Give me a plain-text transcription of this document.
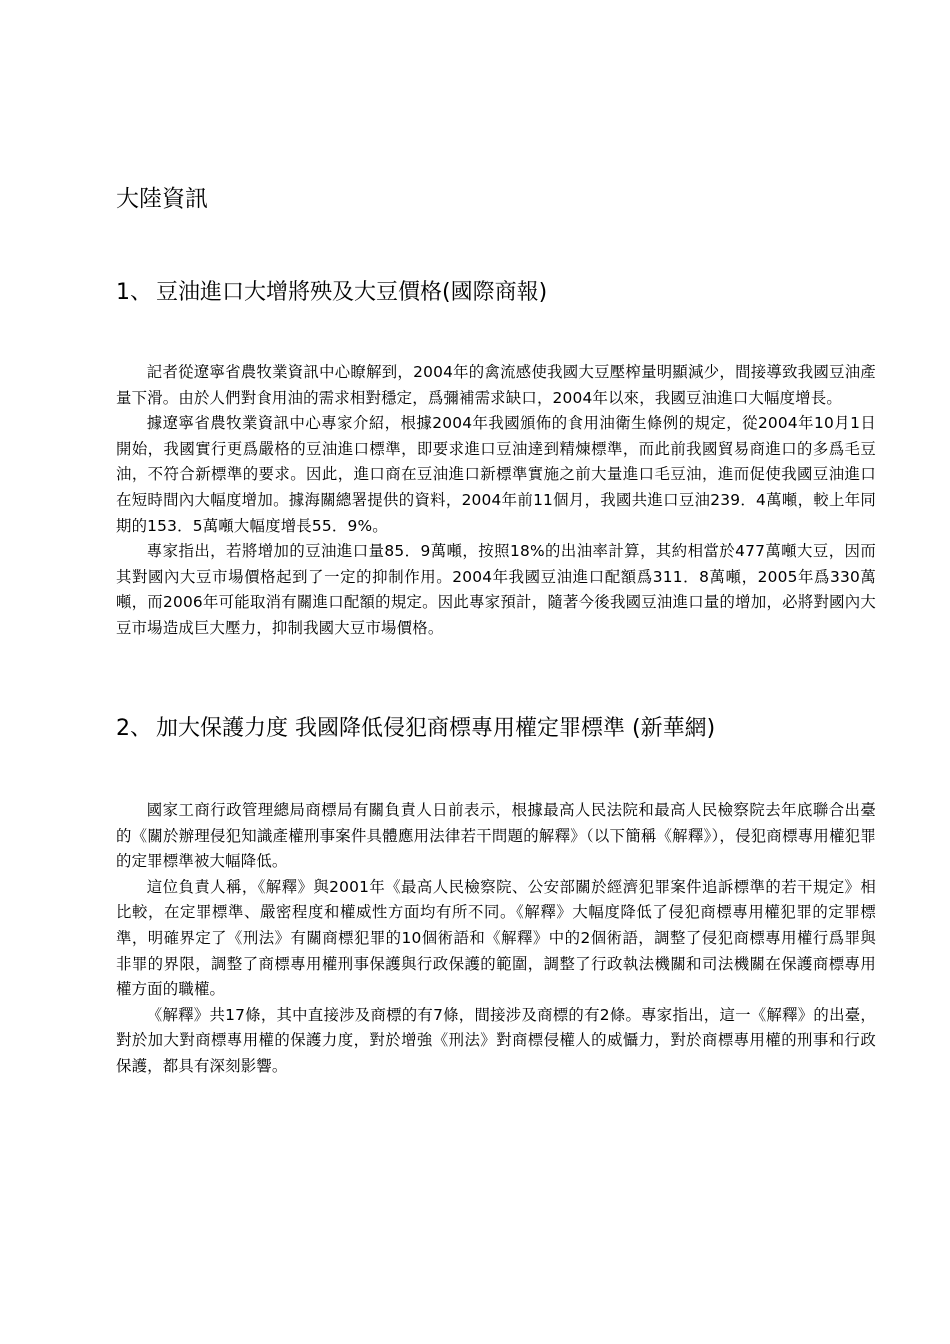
大陸資訊
1、 豆油進口大增將殃及大豆價格(國際商報)

記者從遼寧省農牧業資訊中心瞭解到，2004年的禽流感使我國大豆壓榨量明顯減少，間接導致我國豆油產量下滑。由於人們對食用油的需求相對穩定，爲彌補需求缺口，2004年以來，我國豆油進口大幅度增長。

據遼寧省農牧業資訊中心專家介紹，根據2004年我國頒佈的食用油衛生條例的規定，從2004年10月1日開始，我國實行更爲嚴格的豆油進口標準，即要求進口豆油達到精煉標準，而此前我國貿易商進口的多爲毛豆油，不符合新標準的要求。因此，進口商在豆油進口新標準實施之前大量進口毛豆油，進而促使我國豆油進口在短時間內大幅度增加。據海關總署提供的資料，2004年前11個月，我國共進口豆油239．4萬噸，較上年同期的153．5萬噸大幅度增長55．9%。

專家指出，若將增加的豆油進口量85．9萬噸，按照18%的出油率計算，其約相當於477萬噸大豆，因而其對國內大豆市場價格起到了一定的抑制作用。2004年我國豆油進口配額爲311．8萬噸，2005年爲330萬噸，而2006年可能取消有關進口配額的規定。因此專家預計，隨著今後我國豆油進口量的增加，必將對國內大豆市場造成巨大壓力，抑制我國大豆市場價格。

2、 加大保護力度 我國降低侵犯商標專用權定罪標準 (新華網)

國家工商行政管理總局商標局有關負責人日前表示，根據最高人民法院和最高人民檢察院去年底聯合出臺的《關於辦理侵犯知識產權刑事案件具體應用法律若干問題的解釋》（以下簡稱《解釋》），侵犯商標專用權犯罪的定罪標準被大幅降低。

這位負責人稱，《解釋》與2001年《最高人民檢察院、公安部關於經濟犯罪案件追訴標準的若干規定》相比較，在定罪標準、嚴密程度和權威性方面均有所不同。《解釋》大幅度降低了侵犯商標專用權犯罪的定罪標準，明確界定了《刑法》有關商標犯罪的10個術語和《解釋》中的2個術語，調整了侵犯商標專用權行爲罪與非罪的界限，調整了商標專用權刑事保護與行政保護的範圍，調整了行政執法機關和司法機關在保護商標專用權方面的職權。

《解釋》共17條，其中直接涉及商標的有7條，間接涉及商標的有2條。專家指出，這一《解釋》的出臺，對於加大對商標專用權的保護力度，對於增強《刑法》對商標侵權人的威懾力，對於商標專用權的刑事和行政保護，都具有深刻影響。
